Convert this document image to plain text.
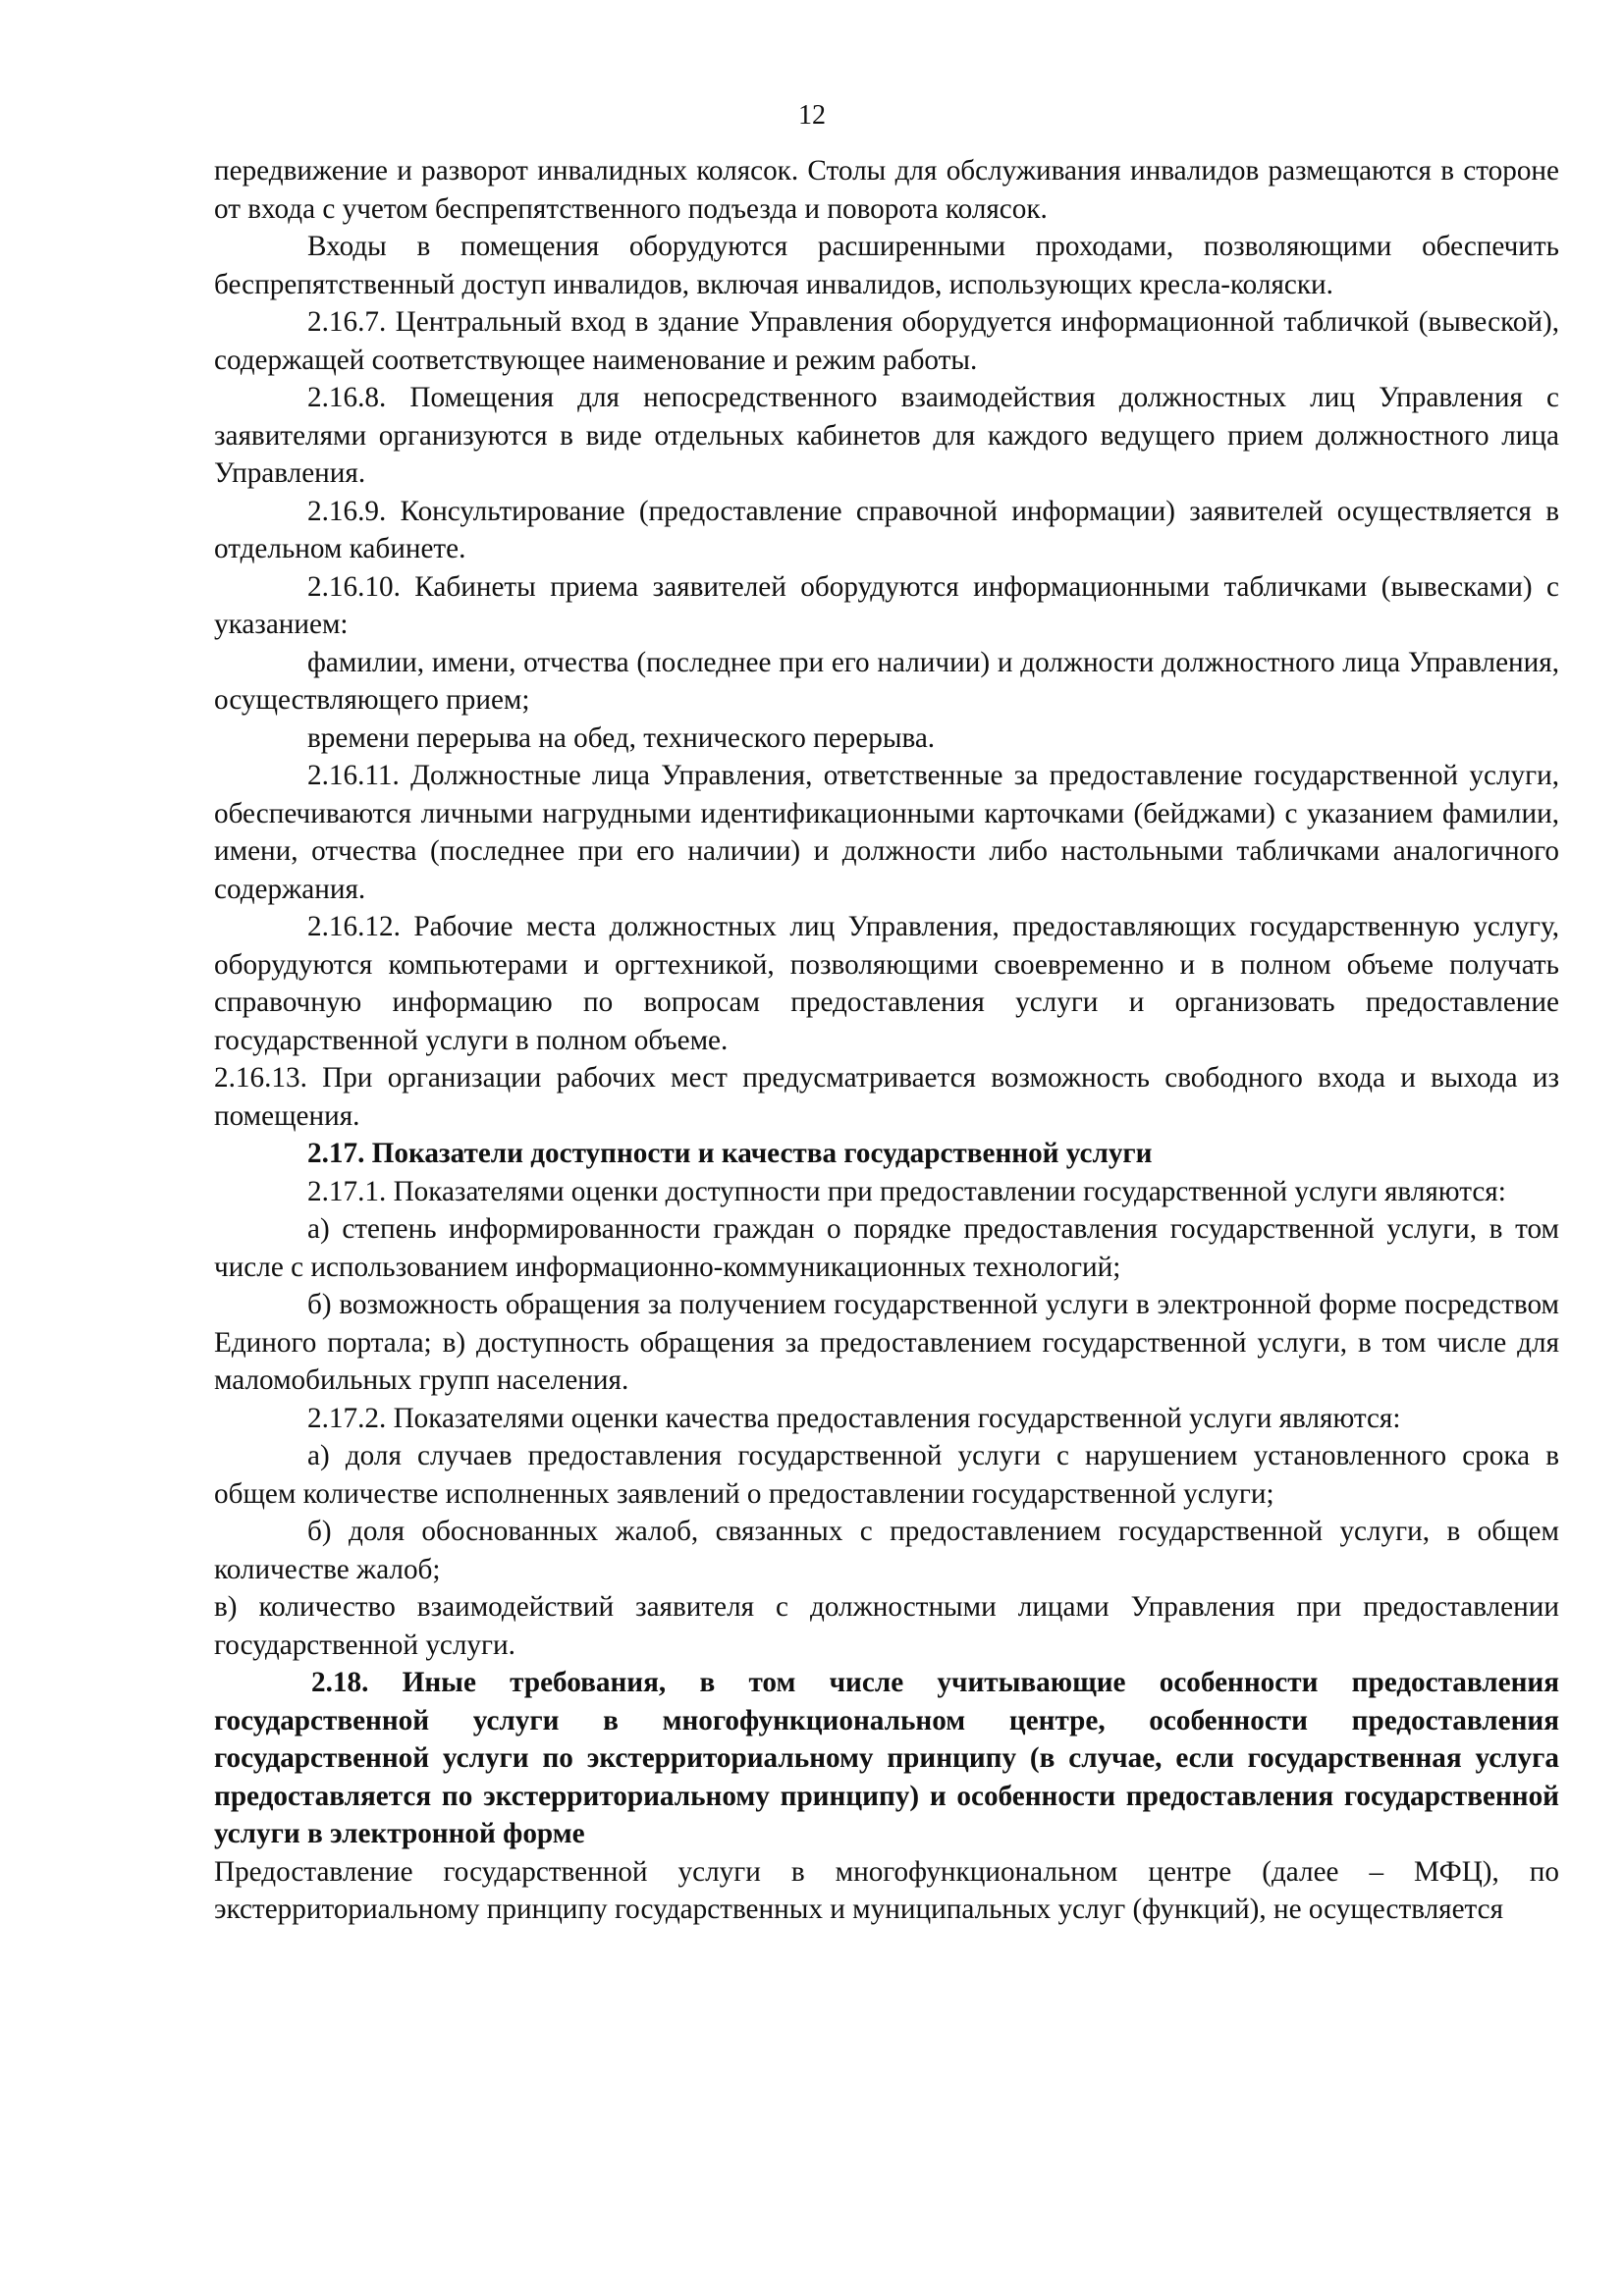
12

передвижение и разворот инвалидных колясок. Столы для обслуживания инвалидов размещаются в стороне от входа с учетом беспрепятственного подъезда и поворота колясок.

Входы в помещения оборудуются расширенными проходами, позволяющими обеспечить беспрепятственный доступ инвалидов, включая инвалидов, использующих кресла-коляски.

2.16.7. Центральный вход в здание Управления оборудуется информационной табличкой (вывеской), содержащей соответствующее наименование и режим работы.

2.16.8. Помещения для непосредственного взаимодействия должностных лиц Управления с заявителями организуются в виде отдельных кабинетов для каждого ведущего прием должностного лица Управления.

2.16.9. Консультирование (предоставление справочной информации) заявителей осуществляется в отдельном кабинете.

2.16.10. Кабинеты приема заявителей оборудуются информационными табличками (вывесками) с указанием:

фамилии, имени, отчества (последнее при его наличии) и должности должностного лица Управления, осуществляющего прием;

времени перерыва на обед, технического перерыва.

2.16.11. Должностные лица Управления, ответственные за предоставление государственной услуги, обеспечиваются личными нагрудными идентификационными карточками (бейджами) с указанием фамилии, имени, отчества (последнее при его наличии) и должности либо настольными табличками аналогичного содержания.

2.16.12. Рабочие места должностных лиц Управления, предоставляющих государственную услугу, оборудуются компьютерами и оргтехникой, позволяющими своевременно и в полном объеме получать справочную информацию по вопросам предоставления услуги и организовать предоставление государственной услуги в полном объеме.

2.16.13. При организации рабочих мест предусматривается возможность свободного входа и выхода из помещения.

2.17. Показатели доступности и качества государственной услуги

2.17.1. Показателями оценки доступности при предоставлении государственной услуги являются:

а) степень информированности граждан о порядке предоставления государственной услуги, в том числе с использованием информационно-коммуникационных технологий;

б) возможность обращения за получением государственной услуги в электронной форме посредством Единого портала; в) доступность обращения за предоставлением государственной услуги, в том числе для маломобильных групп населения.

2.17.2. Показателями оценки качества предоставления государственной услуги являются:

а) доля случаев предоставления государственной услуги с нарушением установленного срока в общем количестве исполненных заявлений о предоставлении государственной услуги;

б) доля обоснованных жалоб, связанных с предоставлением государственной услуги, в общем количестве жалоб;

в) количество взаимодействий заявителя с должностными лицами Управления при предоставлении государственной услуги.

2.18. Иные требования, в том числе учитывающие особенности предоставления государственной услуги в многофункциональном центре, особенности предоставления государственной услуги по экстерриториальному принципу (в случае, если государственная услуга предоставляется по экстерриториальному принципу) и особенности предоставления государственной услуги в электронной форме

Предоставление государственной услуги в многофункциональном центре (далее – МФЦ), по экстерриториальному принципу государственных и муниципальных услуг (функций), не осуществляется
